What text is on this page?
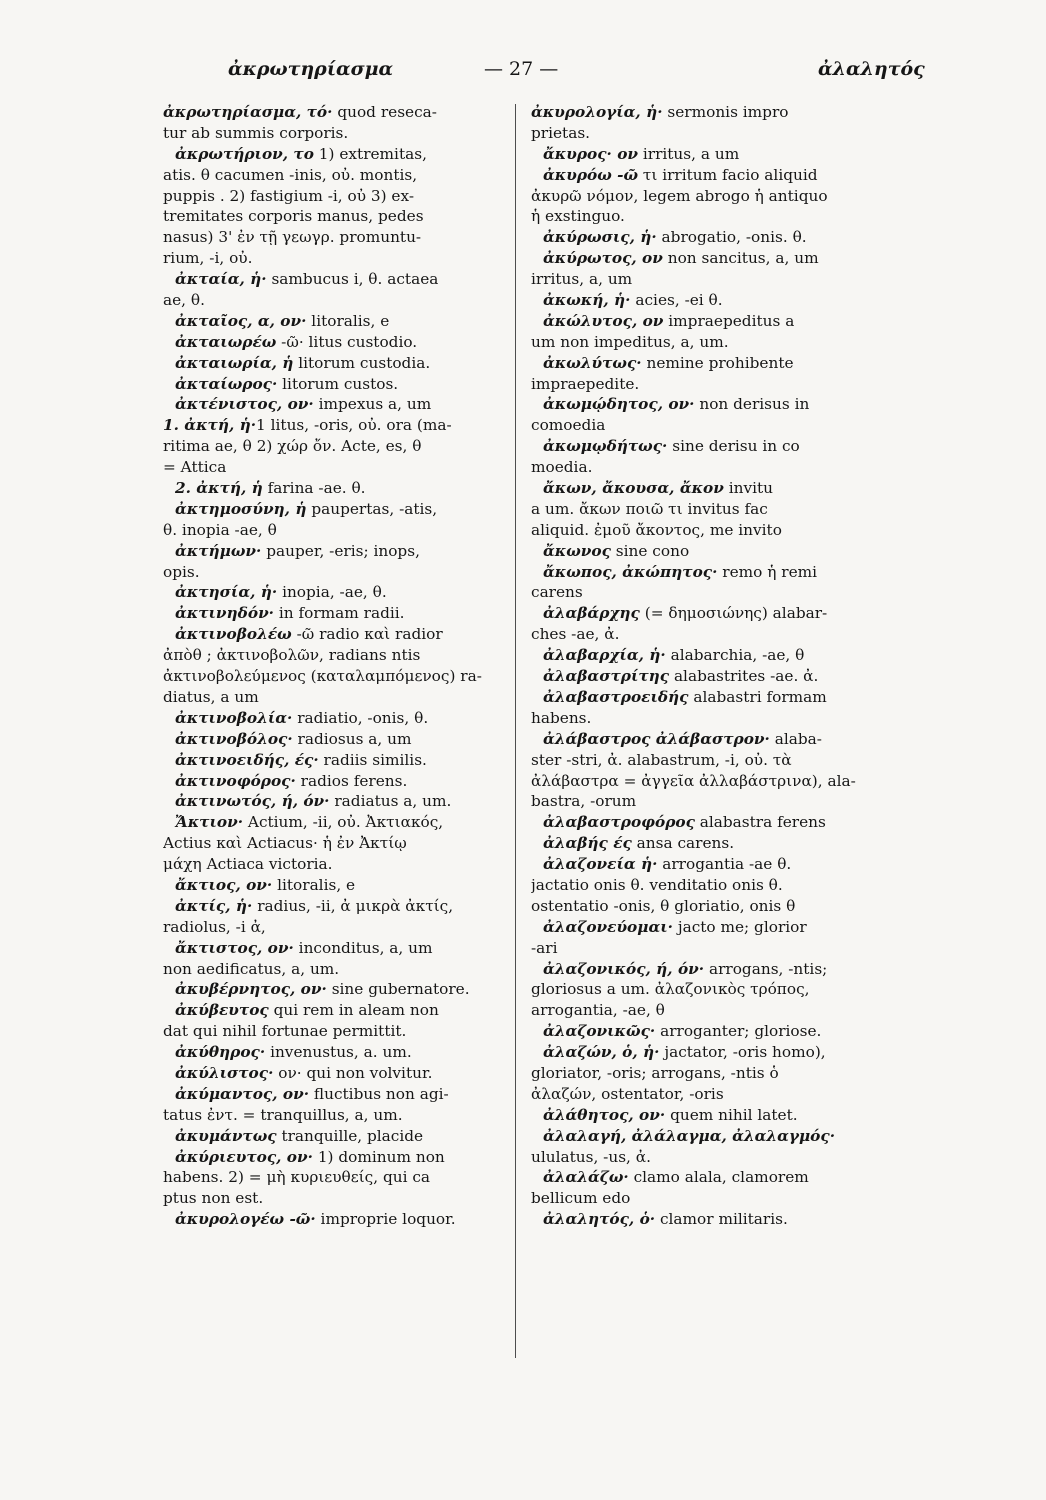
ἀκρωτηρίασμα	— 27 —	ἀλαλητός
ἀκρωτηρίασμα, τό· quod reseca-
tur ab summis corporis.
ἀκρωτήριον, το 1) extremitas,
atis. θ cacumen -inis, οὐ. montis,
puppis . 2) fastigium -i, οὐ 3) ex-
tremitates corporis manus, pedes
nasus) 3' ἐν τῇ γεωγρ. promuntu-
rium, -i, οὐ.
ἀκταία, ἡ· sambucus i, θ. actaea
ae, θ.
ἀκταῖος, α, ον· litoralis, e
ἀκταιωρέω -ῶ· litus custodio.
ἀκταιωρία, ἡ litorum custodia.
ἀκταίωρος· litorum custos.
ἀκτένιστος, ον· impexus a, um
1. ἀκτή, ἡ·1 litus, -oris, οὐ. ora (ma-
ritima ae, θ 2) χώρ ὄν. Acte, es, θ
= Attica
2. ἀκτή, ἡ farina -ae. θ.
ἀκτημοσύνη, ἡ paupertas, -atis,
θ. inopia -ae, θ
ἀκτήμων· pauper, -eris; inops,
opis.
ἀκτησία, ἡ· inopia, -ae, θ.
ἀκτινηδόν· in formam radii.
ἀκτινοβολέω -ῶ radio καὶ radior
ἀπὸθ ; ἀκτινοβολῶν, radians ntis
ἀκτινοβολεύμενος (καταλαμπόμενος) ra-
diatus, a um
ἀκτινοβολία· radiatio, -onis, θ.
ἀκτινοβόλος· radiosus a, um
ἀκτινοειδής, ές· radiis similis.
ἀκτινοφόρος· radios ferens.
ἀκτινωτός, ή, όν· radiatus a, um.
Ἄκτιον· Actium, -ii, οὐ. Ἀκτιακός,
Actius καὶ Actiacus· ἡ ἐν Ἀκτίῳ
μάχη Actiaca victoria.
ἄκτιος, ον· litoralis, e
ἀκτίς, ἡ· radius, -ii, ἀ μικρὰ ἀκτίς,
radiolus, -i ἀ,
ἄκτιστος, ον· inconditus, a, um
non aedificatus, a, um.
ἀκυβέρνητος, ον· sine gubernatore.
ἀκύβευτος qui rem in aleam non
dat qui nihil fortunae permittit.
ἀκύθηρος· invenustus, a. um.
ἀκύλιστος· ον· qui non volvitur.
ἀκύμαντος, ον· fluctibus non agi-
tatus ἐντ. = tranquillus, a, um.
ἀκυμάντως tranquille, placide
ἀκύριευτος, ον· 1) dominum non
habens. 2) = μὴ κυριευθείς, qui ca
ptus non est.
ἀκυρολογέω -ῶ· improprie loquor.
ἀκυρολογία, ἡ· sermonis impro
prietas.
ἄκυρος· ον irritus, a um
ἀκυρόω -ῶ τι irritum facio aliquid
ἀκυρῶ νόμον, legem abrogo ἡ antiquo
ἡ exstinguo.
ἀκύρωσις, ἡ· abrogatio, -onis. θ.
ἀκύρωτος, ον non sancitus, a, um
irritus, a, um
ἀκωκή, ἡ· acies, -ei θ.
ἀκώλυτος, ον impraepeditus a
um non impeditus, a, um.
ἀκωλύτως· nemine prohibente
impraepedite.
ἀκωμῴδητος, ον· non derisus in
comoedia
ἀκωμῳδήτως· sine derisu in co
moedia.
ἄκων, ἄκουσα, ἄκον invitu
a um. ἄκων ποιῶ τι invitus fac
aliquid. ἐμοῦ ἄκοντος, me invito
ἄκωνος sine cono
ἄκωπος, ἀκώπητος· remo ἡ remi
carens
ἀλαβάρχης (= δημοσιώνης) alabar-
ches -ae, ἀ.
ἀλαβαρχία, ἡ· alabarchia, -ae, θ
ἀλαβαστρίτης alabastrites -ae. ἀ.
ἀλαβαστροειδής alabastri formam
habens.
ἀλάβαστρος ἀλάβαστρον· alaba-
ster -stri, ἀ. alabastrum, -i, οὐ. τὰ
ἀλάβαστρα = ἀγγεῖα ἀλλαβάστρινα), ala-
bastra, -orum
ἀλαβαστροφόρος alabastra ferens
ἀλαβής ές ansa carens.
ἀλαζονεία ἡ· arrogantia -ae θ.
jactatio onis θ. venditatio onis θ.
ostentatio -onis, θ gloriatio, onis θ
ἀλαζονεύομαι· jacto me; glorior
-ari
ἀλαζονικός, ή, όν· arrogans, -ntis;
gloriosus a um. ἀλαζονικὸς τρόπος,
arrogantia, -ae, θ
ἀλαζονικῶς· arroganter; gloriose.
ἀλαζών, ὁ, ἡ· jactator, -oris homo),
gloriator, -oris; arrogans, -ntis ὁ
ἀλαζών, ostentator, -oris
ἀλάθητος, ον· quem nihil latet.
ἀλαλαγή, ἀλάλαγμα, ἀλαλαγμός·
ululatus, -us, ἀ.
ἀλαλάζω· clamo alala, clamorem
bellicum edo
ἀλαλητός, ὁ· clamor militaris.
